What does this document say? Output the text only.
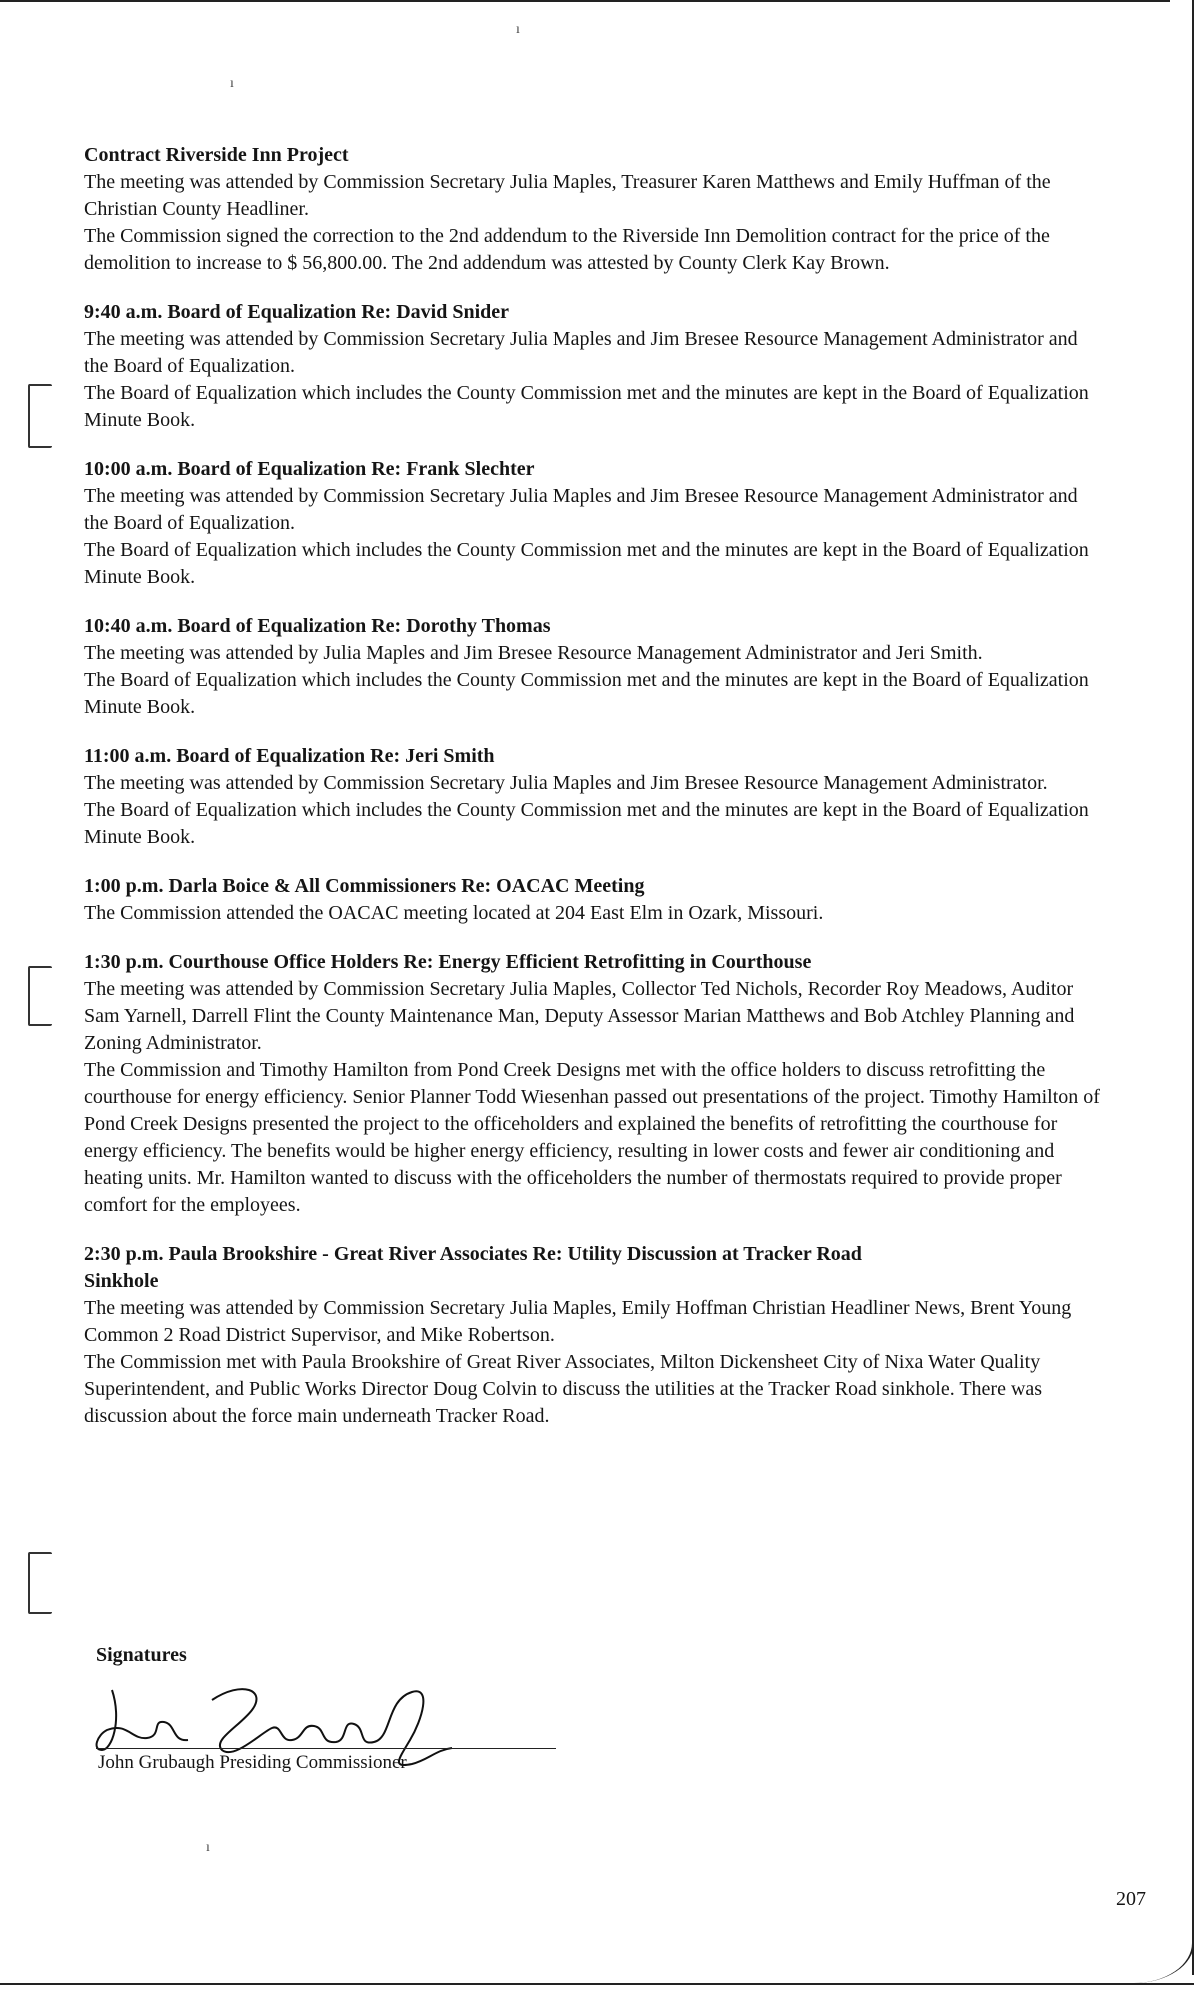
ı
ı

Contract Riverside Inn Project

The meeting was attended by Commission Secretary Julia Maples, Treasurer Karen Matthews and Emily Huffman of the Christian County Headliner.

The Commission signed the correction to the 2nd addendum to the Riverside Inn Demolition contract for the price of the demolition to increase to $ 56,800.00. The 2nd addendum was attested by County Clerk Kay Brown.

9:40 a.m. Board of Equalization Re: David Snider

The meeting was attended by Commission Secretary Julia Maples and Jim Bresee Resource Management Administrator and the Board of Equalization.

The Board of Equalization which includes the County Commission met and the minutes are kept in the Board of Equalization Minute Book.

10:00 a.m. Board of Equalization Re: Frank Slechter

The meeting was attended by Commission Secretary Julia Maples and Jim Bresee Resource Management Administrator and the Board of Equalization.

The Board of Equalization which includes the County Commission met and the minutes are kept in the Board of Equalization Minute Book.

10:40 a.m. Board of Equalization Re: Dorothy Thomas

The meeting was attended by Julia Maples and Jim Bresee Resource Management Administrator and Jeri Smith.

The Board of Equalization which includes the County Commission met and the minutes are kept in the Board of Equalization Minute Book.

11:00 a.m. Board of Equalization Re: Jeri Smith

The meeting was attended by Commission Secretary Julia Maples and Jim Bresee Resource Management Administrator.

The Board of Equalization which includes the County Commission met and the minutes are kept in the Board of Equalization Minute Book.

1:00 p.m. Darla Boice & All Commissioners Re: OACAC Meeting

The Commission attended the OACAC meeting located at 204 East Elm in Ozark, Missouri.

1:30 p.m. Courthouse Office Holders Re: Energy Efficient Retrofitting in Courthouse

The meeting was attended by Commission Secretary Julia Maples, Collector Ted Nichols, Recorder Roy Meadows, Auditor Sam Yarnell, Darrell Flint the County Maintenance Man, Deputy Assessor Marian Matthews and Bob Atchley Planning and Zoning Administrator.

The Commission and Timothy Hamilton from Pond Creek Designs met with the office holders to discuss retrofitting the courthouse for energy efficiency. Senior Planner Todd Wiesenhan passed out presentations of the project. Timothy Hamilton of Pond Creek Designs presented the project to the officeholders and explained the benefits of retrofitting the courthouse for energy efficiency. The benefits would be higher energy efficiency, resulting in lower costs and fewer air conditioning and heating units. Mr. Hamilton wanted to discuss with the officeholders the number of thermostats required to provide proper comfort for the employees.

2:30 p.m. Paula Brookshire - Great River Associates Re: Utility Discussion at Tracker Road Sinkhole

The meeting was attended by Commission Secretary Julia Maples, Emily Hoffman Christian Headliner News, Brent Young Common 2 Road District Supervisor, and Mike Robertson.

The Commission met with Paula Brookshire of Great River Associates, Milton Dickensheet City of Nixa Water Quality Superintendent, and Public Works Director Doug Colvin to discuss the utilities at the Tracker Road sinkhole. There was discussion about the force main underneath Tracker Road.

Signatures
John Grubaugh Presiding Commissioner
ı
207
